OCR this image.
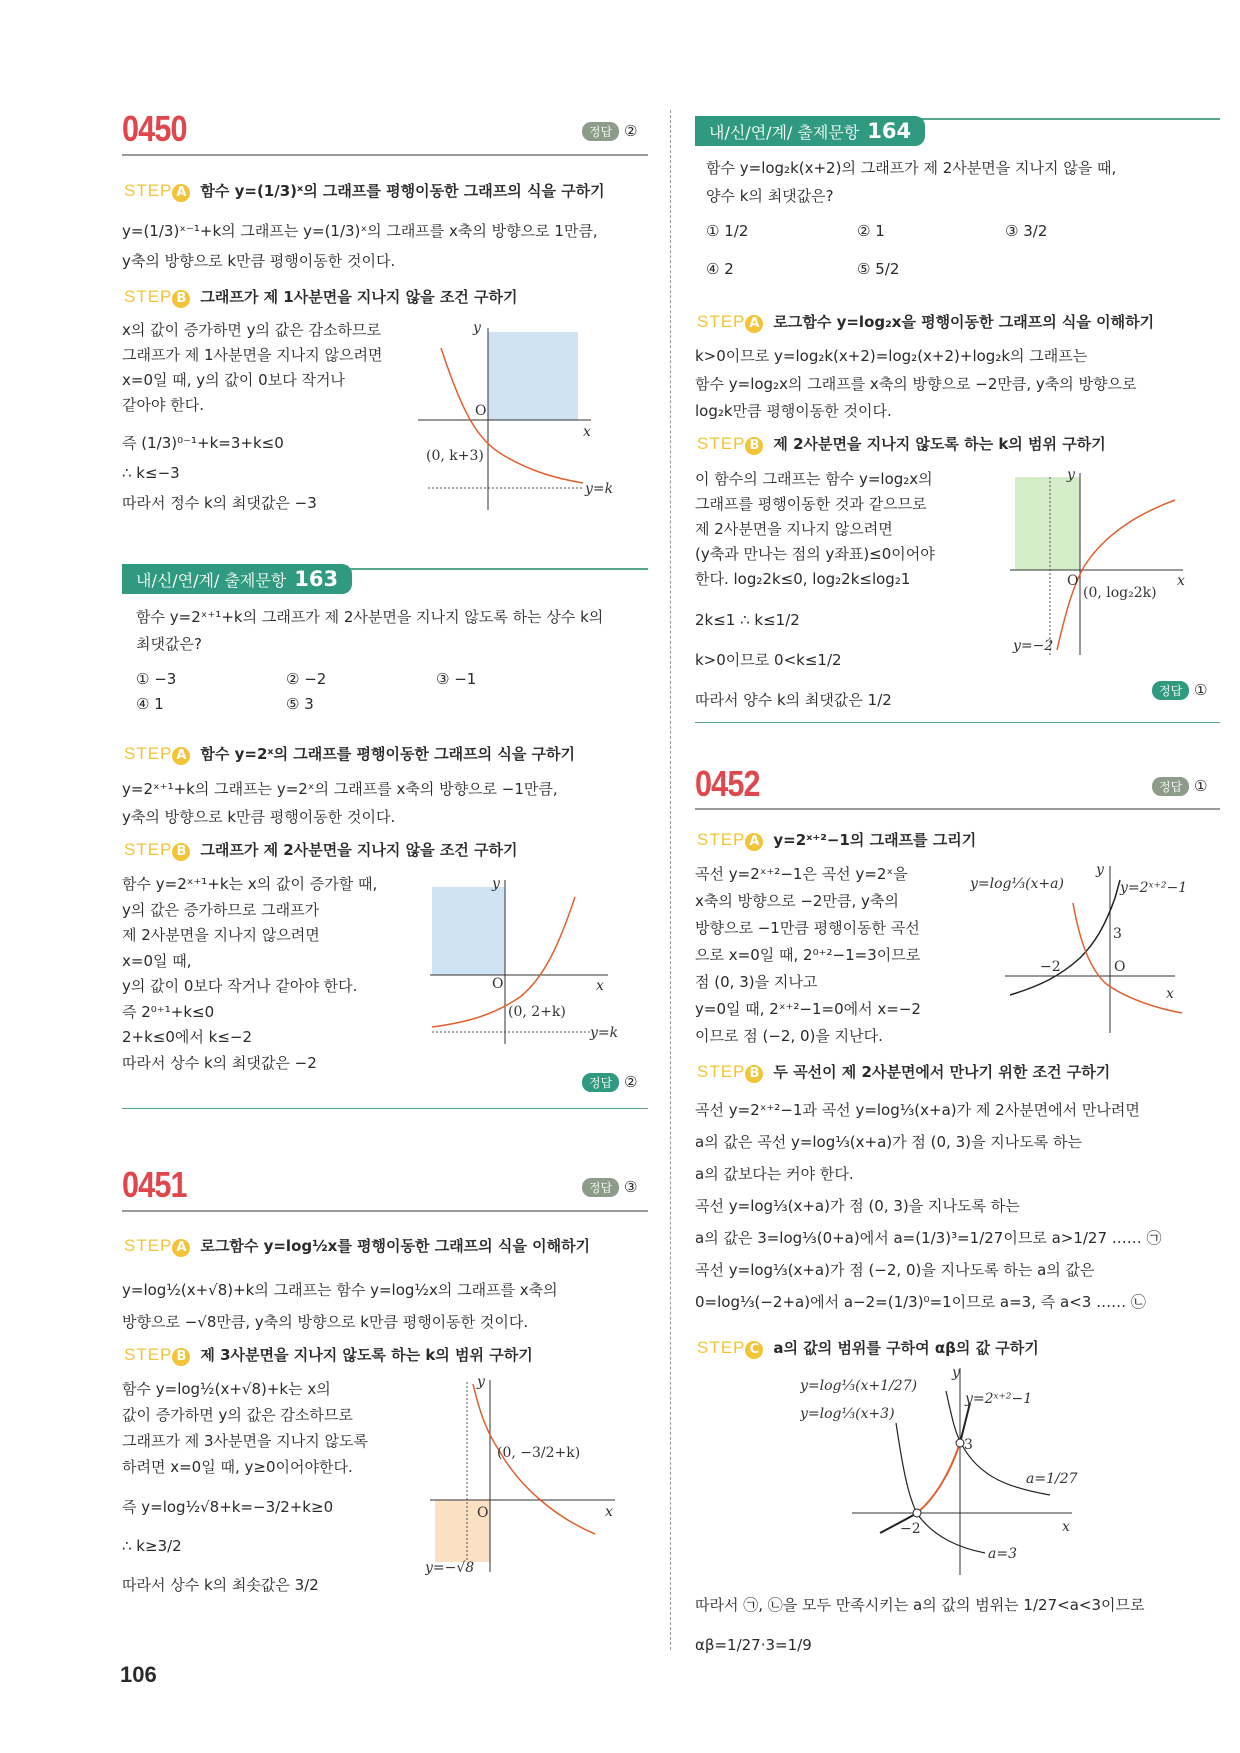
0450	정답 ②
STEP A 함수 y=(1/3)ˣ의 그래프를 평행이동한 그래프의 식을 구하기
y=(1/3)ˣ⁻¹+k의 그래프는 y=(1/3)ˣ의 그래프를 x축의 방향으로 1만큼,
y축의 방향으로 k만큼 평행이동한 것이다.
STEP B 그래프가 제 1사분면을 지나지 않을 조건 구하기
x의 값이 증가하면 y의 값은 감소하므로
그래프가 제 1사분면을 지나지 않으려면
x=0일 때, y의 값이 0보다 작거나
같아야 한다.
즉 (1/3)⁰⁻¹+k=3+k≤0
∴ k≤−3
따라서 정수 k의 최댓값은 −3
y
x
O
(0, k+3)
y=k
내/신/연/계/ 출제문항 163
함수 y=2ˣ⁺¹+k의 그래프가 제 2사분면을 지나지 않도록 하는 상수 k의
최댓값은?
① −3	② −2	③ −1
④ 1	⑤ 3
STEP A 함수 y=2ˣ의 그래프를 평행이동한 그래프의 식을 구하기
y=2ˣ⁺¹+k의 그래프는 y=2ˣ의 그래프를 x축의 방향으로 −1만큼,
y축의 방향으로 k만큼 평행이동한 것이다.
STEP B 그래프가 제 2사분면을 지나지 않을 조건 구하기
함수 y=2ˣ⁺¹+k는 x의 값이 증가할 때,
y의 값은 증가하므로 그래프가
제 2사분면을 지나지 않으려면
x=0일 때,
y의 값이 0보다 작거나 같아야 한다.
즉 2⁰⁺¹+k≤0
2+k≤0에서 k≤−2
따라서 상수 k의 최댓값은 −2
y
x
O
(0, 2+k)
y=k
정답 ②
0451	정답 ③
STEP A 로그함수 y=log½x를 평행이동한 그래프의 식을 이해하기
y=log½(x+√8)+k의 그래프는 함수 y=log½x의 그래프를 x축의
방향으로 −√8만큼, y축의 방향으로 k만큼 평행이동한 것이다.
STEP B 제 3사분면을 지나지 않도록 하는 k의 범위 구하기
함수 y=log½(x+√8)+k는 x의
값이 증가하면 y의 값은 감소하므로
그래프가 제 3사분면을 지나지 않도록
하려면 x=0일 때, y≥0이어야한다.
즉 y=log½√8+k=−3/2+k≥0
∴ k≥3/2
따라서 상수 k의 최솟값은 3/2
y
x
O
(0, −3/2+k)
y=−√8
106
내/신/연/계/ 출제문항 164
함수 y=log₂k(x+2)의 그래프가 제 2사분면을 지나지 않을 때,
양수 k의 최댓값은?
① 1/2	② 1	③ 3/2
④ 2	⑤ 5/2
STEP A 로그함수 y=log₂x을 평행이동한 그래프의 식을 이해하기
k>0이므로 y=log₂k(x+2)=log₂(x+2)+log₂k의 그래프는
함수 y=log₂x의 그래프를 x축의 방향으로 −2만큼, y축의 방향으로
log₂k만큼 평행이동한 것이다.
STEP B 제 2사분면을 지나지 않도록 하는 k의 범위 구하기
이 함수의 그래프는 함수 y=log₂x의
그래프를 평행이동한 것과 같으므로
제 2사분면을 지나지 않으려면
(y축과 만나는 점의 y좌표)≤0이어야
한다. log₂2k≤0, log₂2k≤log₂1
2k≤1 ∴ k≤1/2
k>0이므로 0<k≤1/2
따라서 양수 k의 최댓값은 1/2
y
x
O
(0, log₂2k)
y=−2
정답 ①
0452	정답 ①
STEP A y=2ˣ⁺²−1의 그래프를 그리기
곡선 y=2ˣ⁺²−1은 곡선 y=2ˣ을
x축의 방향으로 −2만큼, y축의
방향으로 −1만큼 평행이동한 곡선
으로 x=0일 때, 2⁰⁺²−1=3이므로
점 (0, 3)을 지나고
y=0일 때, 2ˣ⁺²−1=0에서 x=−2
이므로 점 (−2, 0)을 지난다.
y=log⅓(x+a)
y
y=2ˣ⁺²−1
3
−2	O
x
STEP B 두 곡선이 제 2사분면에서 만나기 위한 조건 구하기
곡선 y=2ˣ⁺²−1과 곡선 y=log⅓(x+a)가 제 2사분면에서 만나려면
a의 값은 곡선 y=log⅓(x+a)가 점 (0, 3)을 지나도록 하는
a의 값보다는 커야 한다.
곡선 y=log⅓(x+a)가 점 (0, 3)을 지나도록 하는
a의 값은 3=log⅓(0+a)에서 a=(1/3)³=1/27이므로 a>1/27 …… ㉠
곡선 y=log⅓(x+a)가 점 (−2, 0)을 지나도록 하는 a의 값은
0=log⅓(−2+a)에서 a−2=(1/3)⁰=1이므로 a=3, 즉 a<3 …… ㉡
STEP C a의 값의 범위를 구하여 αβ의 값 구하기
y=log⅓(x+1/27)
y=log⅓(x+3)
y=2ˣ⁺²−1
y
3
a=1/27
−2
a=3
x
따라서 ㉠, ㉡을 모두 만족시키는 a의 값의 범위는 1/27<a<3이므로
αβ=1/27·3=1/9
